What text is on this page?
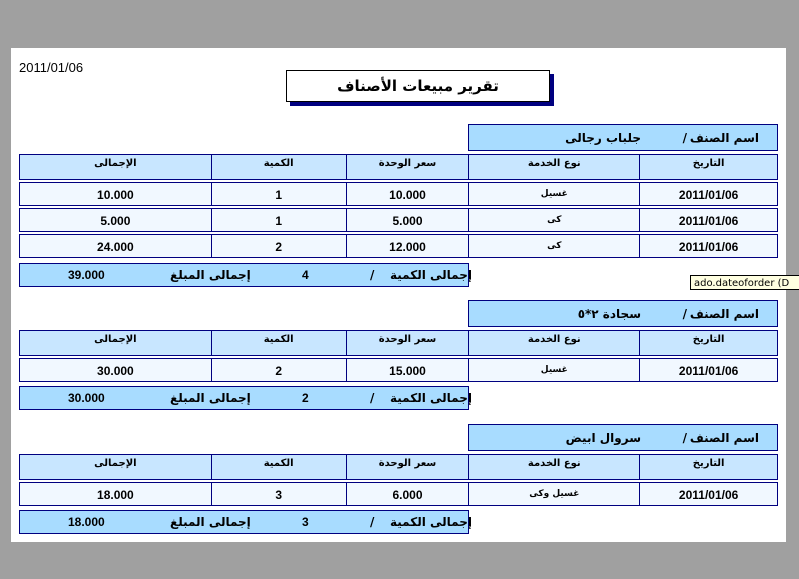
2011/01/06
تقرير مبيعات الأصناف
اسم الصنف
/
جلباب رجالى
الإجمالى	الكمية	سعر الوحدة	نوع الخدمة	التاريخ
10.000	1	10.000	غسيل	2011/01/06
5.000	1	5.000	كى	2011/01/06
24.000	2	12.000	كى	2011/01/06
39.000	إجمالى المبلغ	4	/ إجمالى الكمية
اسم الصنف
/
سجادة ٢*٥
الإجمالى	الكمية	سعر الوحدة	نوع الخدمة	التاريخ
30.000	2	15.000	غسيل	2011/01/06
30.000	إجمالى المبلغ	2	/ إجمالى الكمية
اسم الصنف
/
سروال ابيض
الإجمالى	الكمية	سعر الوحدة	نوع الخدمة	التاريخ
18.000	3	6.000	غسيل وكى	2011/01/06
18.000	إجمالى المبلغ	3	/ إجمالى الكمية
ado.dateoforder (D
